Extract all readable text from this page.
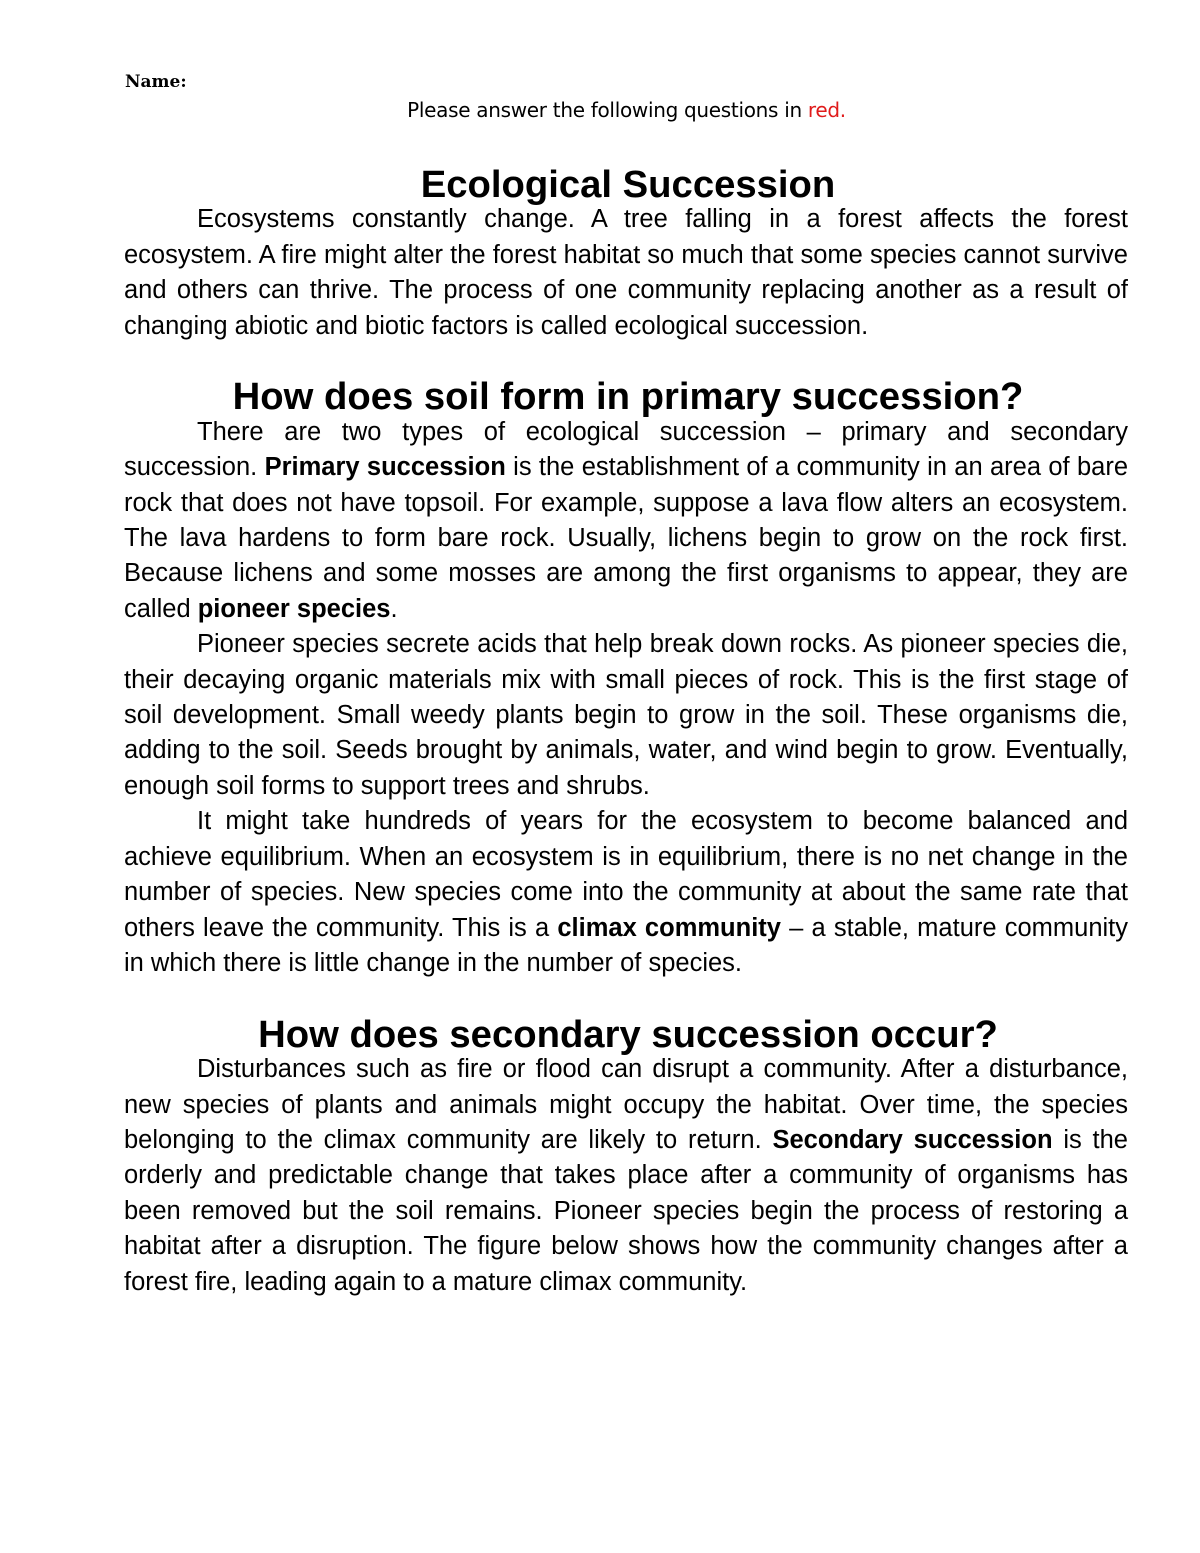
Name:
Please answer the following questions in red.
Ecological Succession

Ecosystems constantly change. A tree falling in a forest affects the forest ecosystem. A fire might alter the forest habitat so much that some species cannot survive and others can thrive. The process of one community replacing another as a result of changing abiotic and biotic factors is called ecological succession.

How does soil form in primary succession?

There are two types of ecological succession – primary and secondary succession. Primary succession is the establishment of a community in an area of bare rock that does not have topsoil. For example, suppose a lava flow alters an ecosystem. The lava hardens to form bare rock. Usually, lichens begin to grow on the rock first. Because lichens and some mosses are among the first organisms to appear, they are called pioneer species.

Pioneer species secrete acids that help break down rocks. As pioneer species die, their decaying organic materials mix with small pieces of rock. This is the first stage of soil development. Small weedy plants begin to grow in the soil. These organisms die, adding to the soil. Seeds brought by animals, water, and wind begin to grow. Eventually, enough soil forms to support trees and shrubs.

It might take hundreds of years for the ecosystem to become balanced and achieve equilibrium. When an ecosystem is in equilibrium, there is no net change in the number of species. New species come into the community at about the same rate that others leave the community. This is a climax community – a stable, mature community in which there is little change in the number of species.

How does secondary succession occur?

Disturbances such as fire or flood can disrupt a community. After a disturbance, new species of plants and animals might occupy the habitat. Over time, the species belonging to the climax community are likely to return. Secondary succession is the orderly and predictable change that takes place after a community of organisms has been removed but the soil remains. Pioneer species begin the process of restoring a habitat after a disruption. The figure below shows how the community changes after a forest fire, leading again to a mature climax community.
